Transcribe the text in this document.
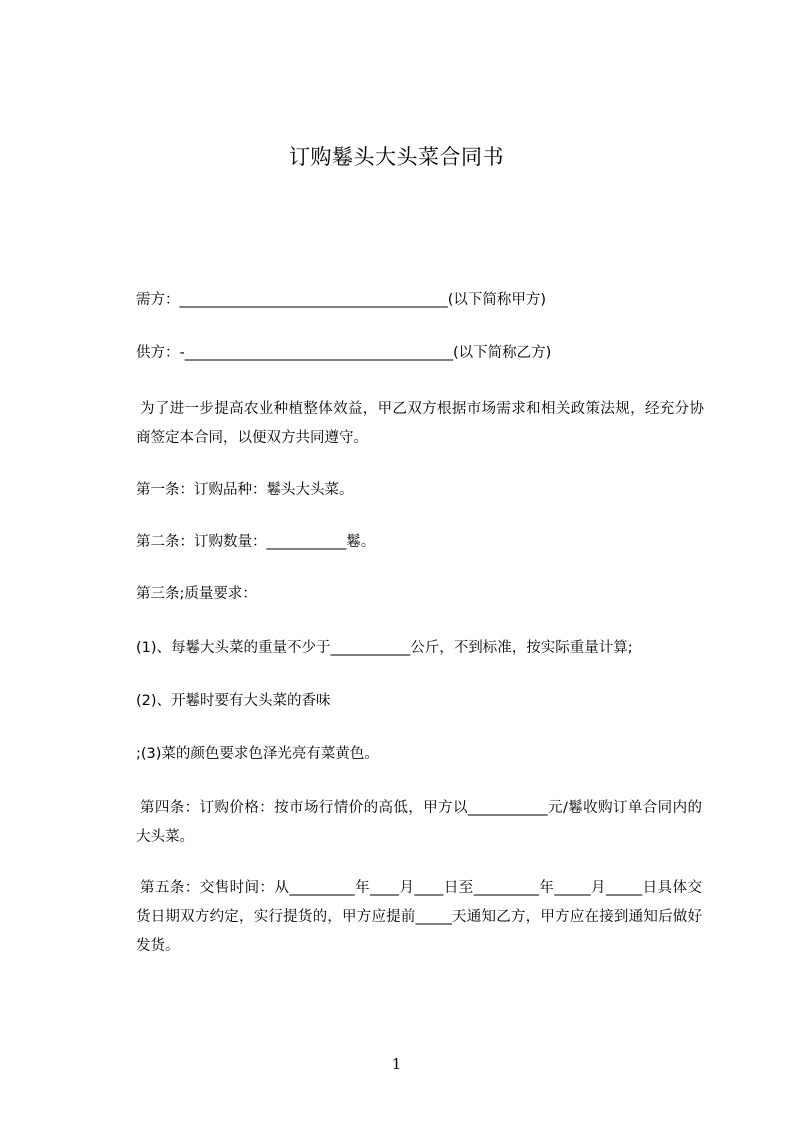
订购鬈头大头菜合同书
需方：_____________________________________(以下简称甲方)
供方：-_____________________________________(以下简称乙方)
为了进一步提高农业种植整体效益，甲乙双方根据市场需求和相关政策法规，经充分协商签定本合同，以便双方共同遵守。
第一条：订购品种：鬈头大头菜。
第二条：订购数量：___________鬈。
第三条;质量要求：
(1)、每鬈大头菜的重量不少于___________公斤，不到标准，按实际重量计算;
(2)、开鬈时要有大头菜的香味
;(3)菜的颜色要求色泽光亮有菜黄色。
第四条：订购价格：按市场行情价的高低，甲方以___________元/鬈收购订单合同内的大头菜。
第五条：交售时间：从_________年____月____日至_________年_____月_____日具体交货日期双方约定，实行提货的，甲方应提前_____天通知乙方，甲方应在接到通知后做好发货。
1
